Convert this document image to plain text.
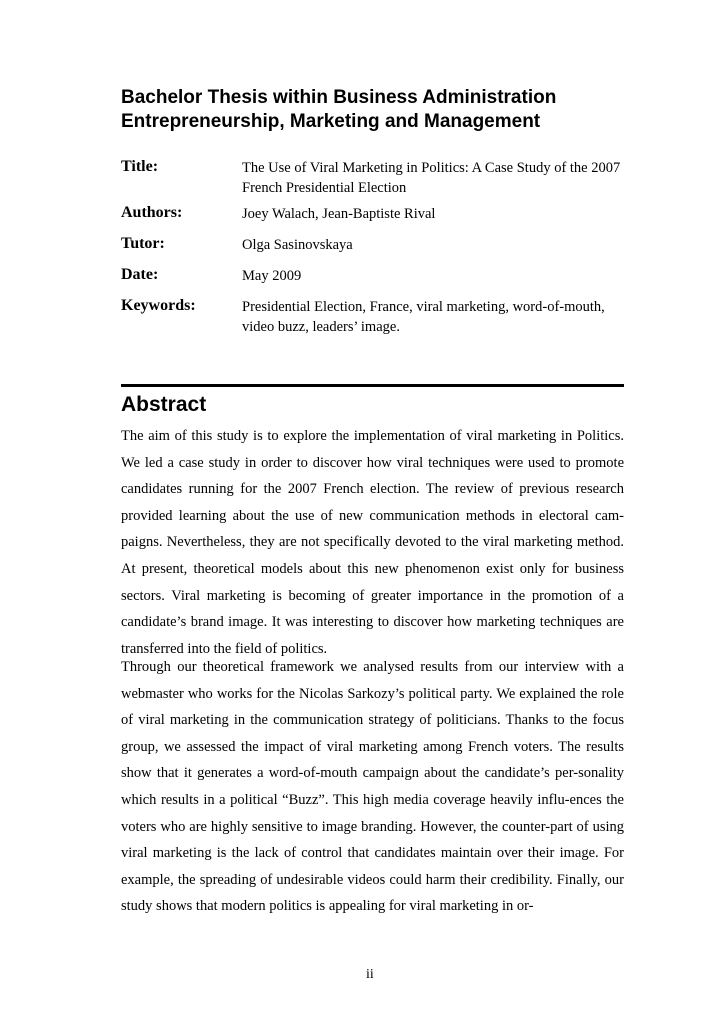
Bachelor Thesis within Business Administration
Entrepreneurship, Marketing and Management
Title:	The Use of Viral Marketing in Politics: A Case Study of the 2007 French Presidential Election
Authors:	Joey Walach, Jean-Baptiste Rival
Tutor:	Olga Sasinovskaya
Date:	May 2009
Keywords:	Presidential Election, France, viral marketing, word-of-mouth, video buzz, leaders’ image.
Abstract
The aim of this study is to explore the implementation of viral marketing in Politics. We led a case study in order to discover how viral techniques were used to promote candidates running for the 2007 French election. The review of previous research provided learning about the use of new communication methods in electoral cam-paigns. Nevertheless, they are not specifically devoted to the viral marketing method. At present, theoretical models about this new phenomenon exist only for business sectors. Viral marketing is becoming of greater importance in the promotion of a candidate’s brand image. It was interesting to discover how marketing techniques are transferred into the field of politics.
Through our theoretical framework we analysed results from our interview with a webmaster who works for the Nicolas Sarkozy’s political party. We explained the role of viral marketing in the communication strategy of politicians. Thanks to the focus group, we assessed the impact of viral marketing among French voters. The results show that it generates a word-of-mouth campaign about the candidate’s per-sonality which results in a political “Buzz”. This high media coverage heavily influ-ences the voters who are highly sensitive to image branding. However, the counter-part of using viral marketing is the lack of control that candidates maintain over their image. For example, the spreading of undesirable videos could harm their credibility. Finally, our study shows that modern politics is appealing for viral marketing in or-
ii
